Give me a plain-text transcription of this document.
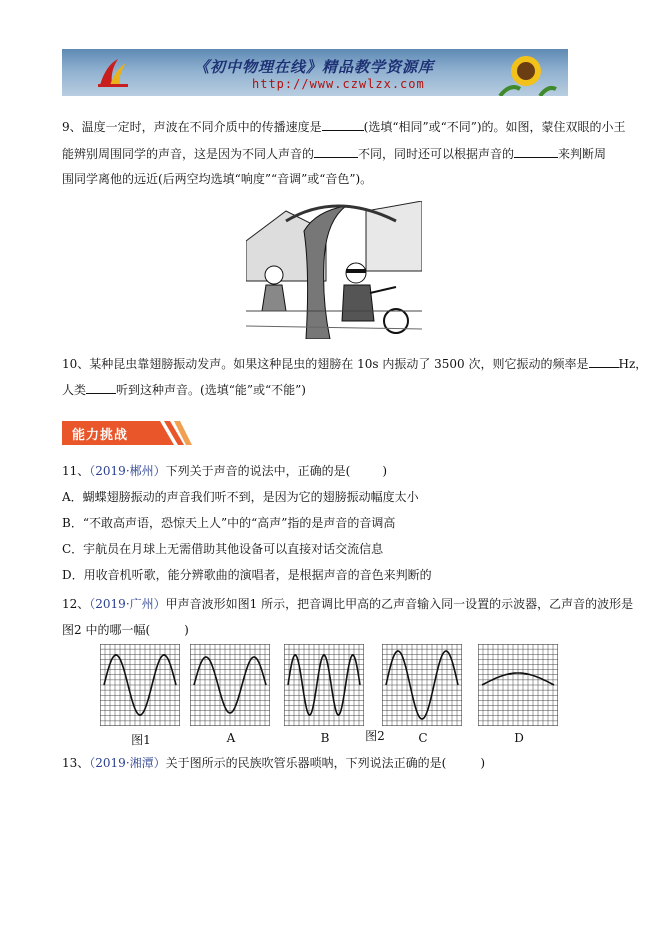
《初中物理在线》精品教学资源库
http://www.czwlzx.com
9、温度一定时，声波在不同介质中的传播速度是	(选填“相同”或“不同”)的。如图，蒙住双眼的小王
能辨别周围同学的声音，这是因为不同人声音的	不同，同时还可以根据声音的	来判断周
围同学离他的远近(后两空均选填“响度”“音调”或“音色”)。
10、某种昆虫靠翅膀振动发声。如果这种昆虫的翅膀在 10s 内振动了 3500 次，则它振动的频率是	Hz，
人类	听到这种声音。(选填“能”或“不能”)
能力挑战
11、（2019·郴州）下列关于声音的说法中，正确的是(	)
A．蝴蝶翅膀振动的声音我们听不到，是因为它的翅膀振动幅度太小
B．“不敢高声语，恐惊天上人”中的“高声”指的是声音的音调高
C．宇航员在月球上无需借助其他设备可以直接对话交流信息
D．用收音机听歌，能分辨歌曲的演唱者，是根据声音的音色来判断的
12、（2019·广州）甲声音波形如图1 所示，把音调比甲高的乙声音输入同一设置的示波器，乙声音的波形是
图2 中的哪一幅(	)
图1	A	图2
B	C	D
13、（2019·湘潭）关于图所示的民族吹管乐器唢呐，下列说法正确的是(	)
